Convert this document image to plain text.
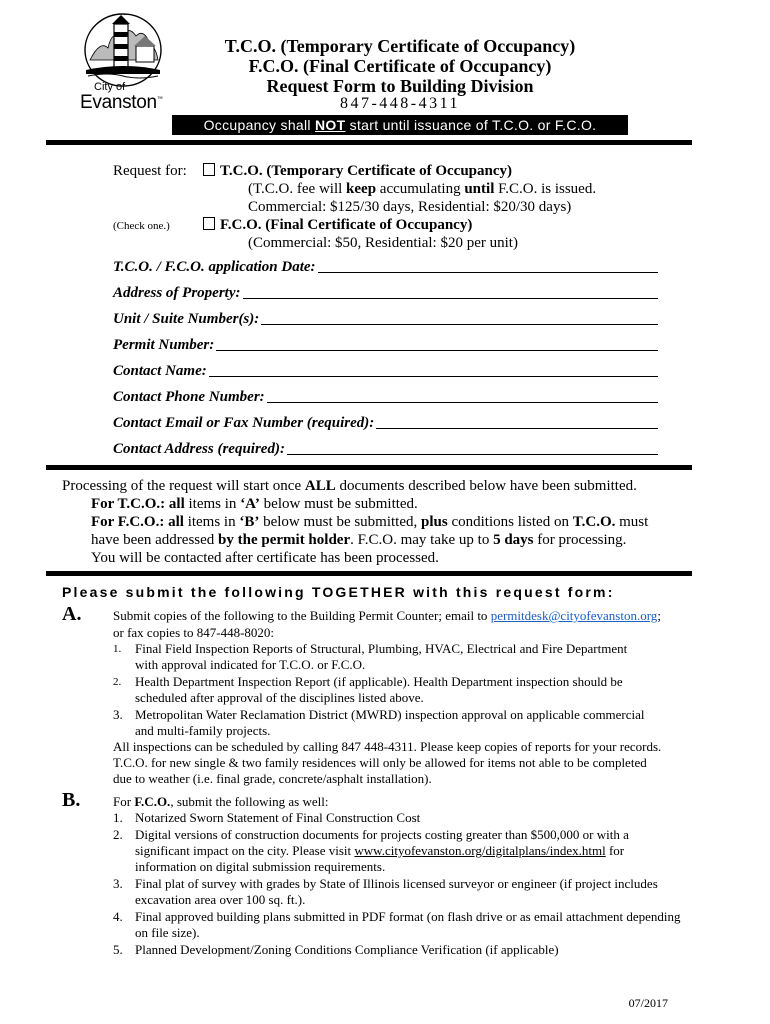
City of
Evanston™
T.C.O. (Temporary Certificate of Occupancy)
F.C.O. (Final Certificate of Occupancy)
Request Form to Building Division
847-448-4311
Occupancy shall NOT start until issuance of T.C.O. or F.C.O.
Request for:	T.C.O. (Temporary Certificate of Occupancy)
(T.C.O. fee will keep accumulating until F.C.O. is issued.
Commercial: $125/30 days, Residential: $20/30 days)
(Check one.)	F.C.O. (Final Certificate of Occupancy)
(Commercial: $50, Residential: $20 per unit)
T.C.O. / F.C.O. application Date:
Address of Property:
Unit / Suite Number(s):
Permit Number:
Contact Name:
Contact Phone Number:
Contact Email or Fax Number (required):
Contact Address (required):
Processing of the request will start once ALL documents described below have been submitted.
For T.C.O.: all items in ‘A’ below must be submitted.
For F.C.O.: all items in ‘B’ below must be submitted, plus conditions listed on T.C.O. must
have been addressed by the permit holder. F.C.O. may take up to 5 days for processing.
You will be contacted after certificate has been processed.
Please submit the following TOGETHER with this request form:
A. Submit copies of the following to the Building Permit Counter; email to permitdesk@cityofevanston.org;
or fax copies to 847-448-8020:
1. Final Field Inspection Reports of Structural, Plumbing, HVAC, Electrical and Fire Department
with approval indicated for T.C.O. or F.C.O.
2. Health Department Inspection Report (if applicable). Health Department inspection should be
scheduled after approval of the disciplines listed above.
3. Metropolitan Water Reclamation District (MWRD) inspection approval on applicable commercial
and multi-family projects.
All inspections can be scheduled by calling 847 448-4311. Please keep copies of reports for your records.
T.C.O. for new single & two family residences will only be allowed for items not able to be completed
due to weather (i.e. final grade, concrete/asphalt installation).
B.	For F.C.O., submit the following as well:
1. Notarized Sworn Statement of Final Construction Cost
2. Digital versions of construction documents for projects costing greater than $500,000 or with a
significant impact on the city. Please visit www.cityofevanston.org/digitalplans/index.html for
information on digital submission requirements.
3. Final plat of survey with grades by State of Illinois licensed surveyor or engineer (if project includes
excavation area over 100 sq. ft.).
4. Final approved building plans submitted in PDF format (on flash drive or as email attachment depending
on file size).
5. Planned Development/Zoning Conditions Compliance Verification (if applicable)
07/2017
